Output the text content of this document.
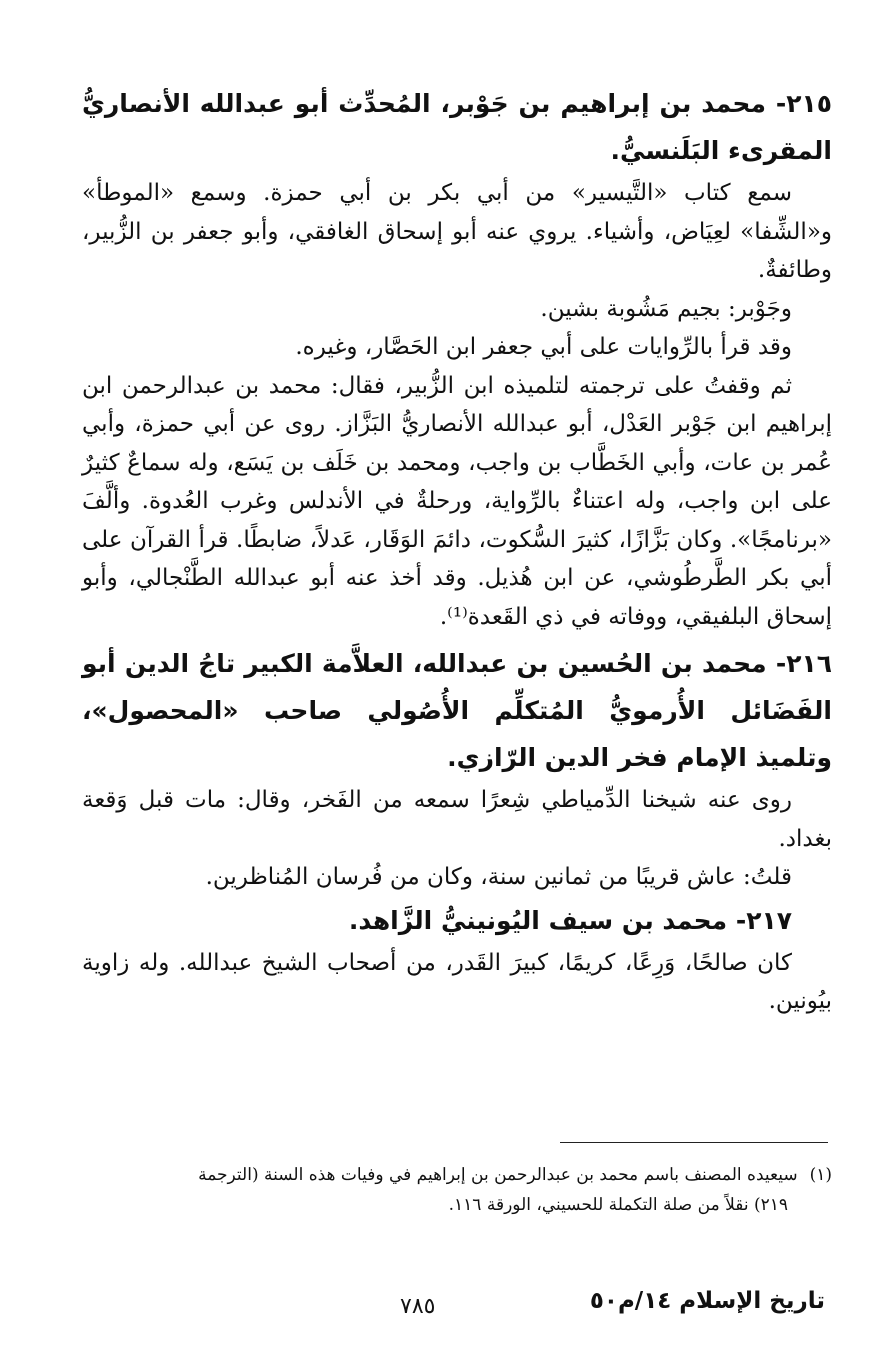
٢١٥- محمد بن إبراهيم بن جَوْبر، المُحدِّث أبو عبدالله الأنصاريُّ المقرىء البَلَنسيُّ.

سمع كتاب «التَّيسير» من أبي بكر بن أبي حمزة. وسمع «الموطأ» و«الشِّفا» لعِيَاض، وأشياء. يروي عنه أبو إسحاق الغافقي، وأبو جعفر بن الزُّبير، وطائفةٌ.

وجَوْبر: بجيم مَشُوبة بشين.

وقد قرأ بالرِّوايات على أبي جعفر ابن الحَصَّار، وغيره.

ثم وقفتُ على ترجمته لتلميذه ابن الزُّبير، فقال: محمد بن عبدالرحمن ابن إبراهيم ابن جَوْبر العَدْل، أبو عبدالله الأنصاريُّ البَزَّاز. روى عن أبي حمزة، وأبي عُمر بن عات، وأبي الخَطَّاب بن واجب، ومحمد بن خَلَف بن يَسَع، وله سماعٌ كثيرٌ على ابن واجب، وله اعتناءٌ بالرِّواية، ورحلةٌ في الأندلس وغرب العُدوة. وألَّفَ «برنامجًا». وكان بَزَّازًا، كثيرَ السُّكوت، دائمَ الوَقَار، عَدلاً، ضابطًا. قرأ القرآن على أبي بكر الطَّرطُوشي، عن ابن هُذيل. وقد أخذ عنه أبو عبدالله الطَّنْجالي، وأبو إسحاق البلفيقي، ووفاته في ذي القَعدة⁽¹⁾.

٢١٦- محمد بن الحُسين بن عبدالله، العلاَّمة الكبير تاجُ الدين أبو الفَضَائل الأُرمويُّ المُتكلِّم الأُصُولي صاحب «المحصول»، وتلميذ الإمام فخر الدين الرّازي.

روى عنه شيخنا الدِّمياطي شِعرًا سمعه من الفَخر، وقال: مات قبل وَقعة بغداد.

قلتُ: عاش قريبًا من ثمانين سنة، وكان من فُرسان المُناظرين.

٢١٧- محمد بن سيف اليُونينيُّ الزَّاهد.

كان صالحًا، وَرِعًا، كريمًا، كبيرَ القَدر، من أصحاب الشيخ عبدالله. وله زاوية بيُونين.

(١)سيعيده المصنف باسم محمد بن عبدالرحمن بن إبراهيم في وفيات هذه السنة (الترجمة
٢١٩) نقلاً من صلة التكملة للحسيني، الورقة ١١٦.
تاريخ الإسلام ١٤/م٥٠
٧٨٥
